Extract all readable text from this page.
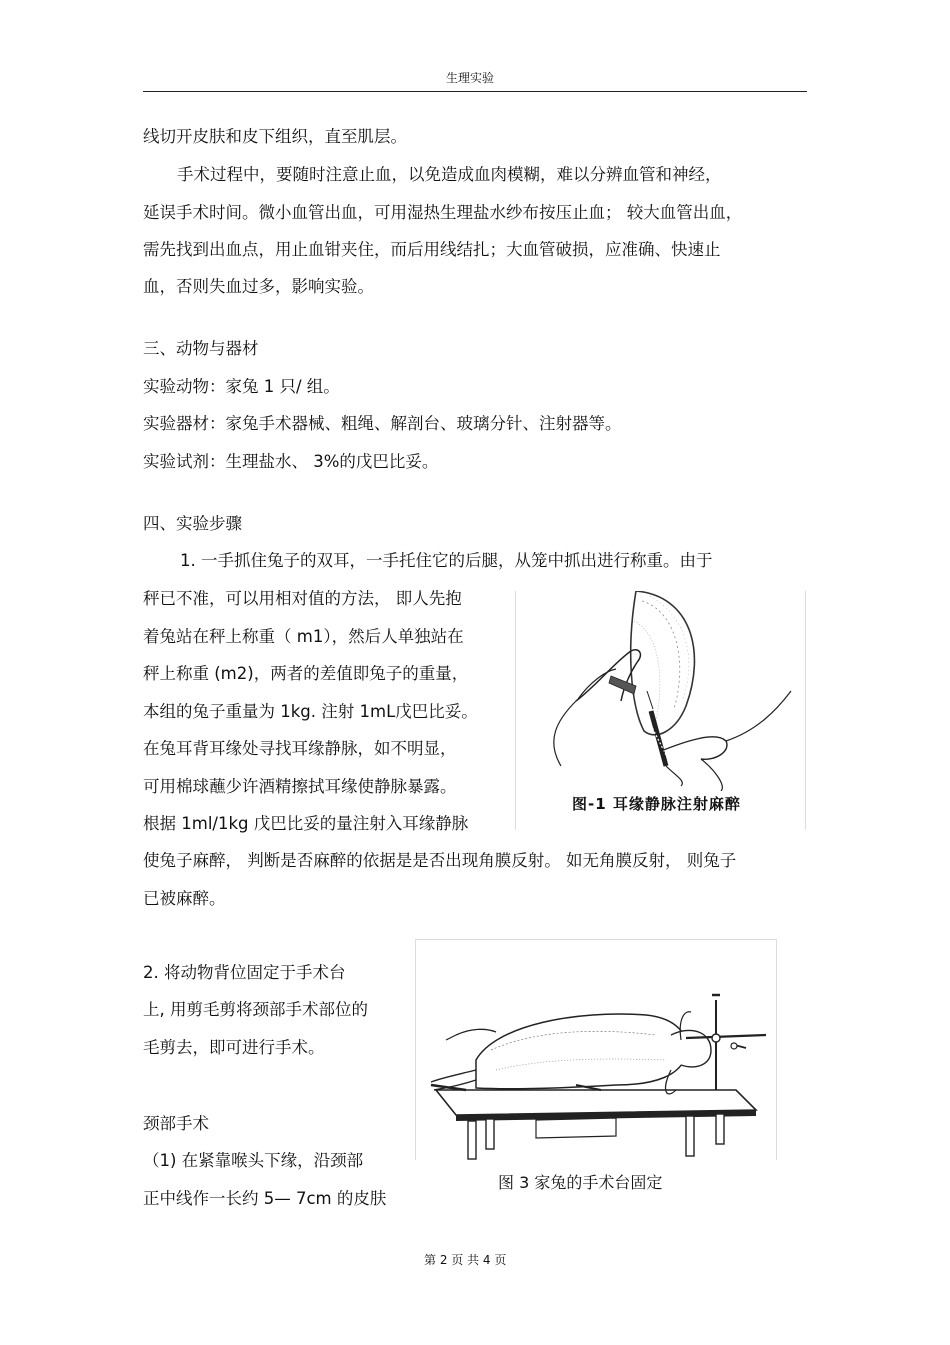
生理实验
线切开皮肤和皮下组织，直至肌层。
手术过程中，要随时注意止血，以免造成血肉模糊，难以分辨血管和神经，
延误手术时间。微小血管出血，可用湿热生理盐水纱布按压止血； 较大血管出血，
需先找到出血点，用止血钳夹住，而后用线结扎；大血管破损，应准确、快速止
血，否则失血过多，影响实验。
三、动物与器材
实验动物：家兔 1 只/ 组。
实验器材：家兔手术器械、粗绳、解剖台、玻璃分针、注射器等。
实验试剂：生理盐水、 3%的戊巴比妥。
四、实验步骤
1. 一手抓住兔子的双耳，一手托住它的后腿，从笼中抓出进行称重。由于
秤已不准，可以用相对值的方法， 即人先抱
着兔站在秤上称重（ m1），然后人单独站在
秤上称重 (m2)，两者的差值即兔子的重量，
本组的兔子重量为 1kg. 注射 1mL戊巴比妥。
在兔耳背耳缘处寻找耳缘静脉，如不明显，
可用棉球蘸少许酒精擦拭耳缘使静脉暴露。
根据 1ml/1kg 戊巴比妥的量注射入耳缘静脉
使兔子麻醉， 判断是否麻醉的依据是是否出现角膜反射。 如无角膜反射， 则兔子
已被麻醉。
图-1 耳缘静脉注射麻醉
2. 将动物背位固定于手术台
上, 用剪毛剪将颈部手术部位的
毛剪去，即可进行手术。
图 3 家兔的手术台固定
颈部手术
（1) 在紧靠喉头下缘，沿颈部
正中线作一长约 5— 7cm 的皮肤
第 2 页 共 4 页
